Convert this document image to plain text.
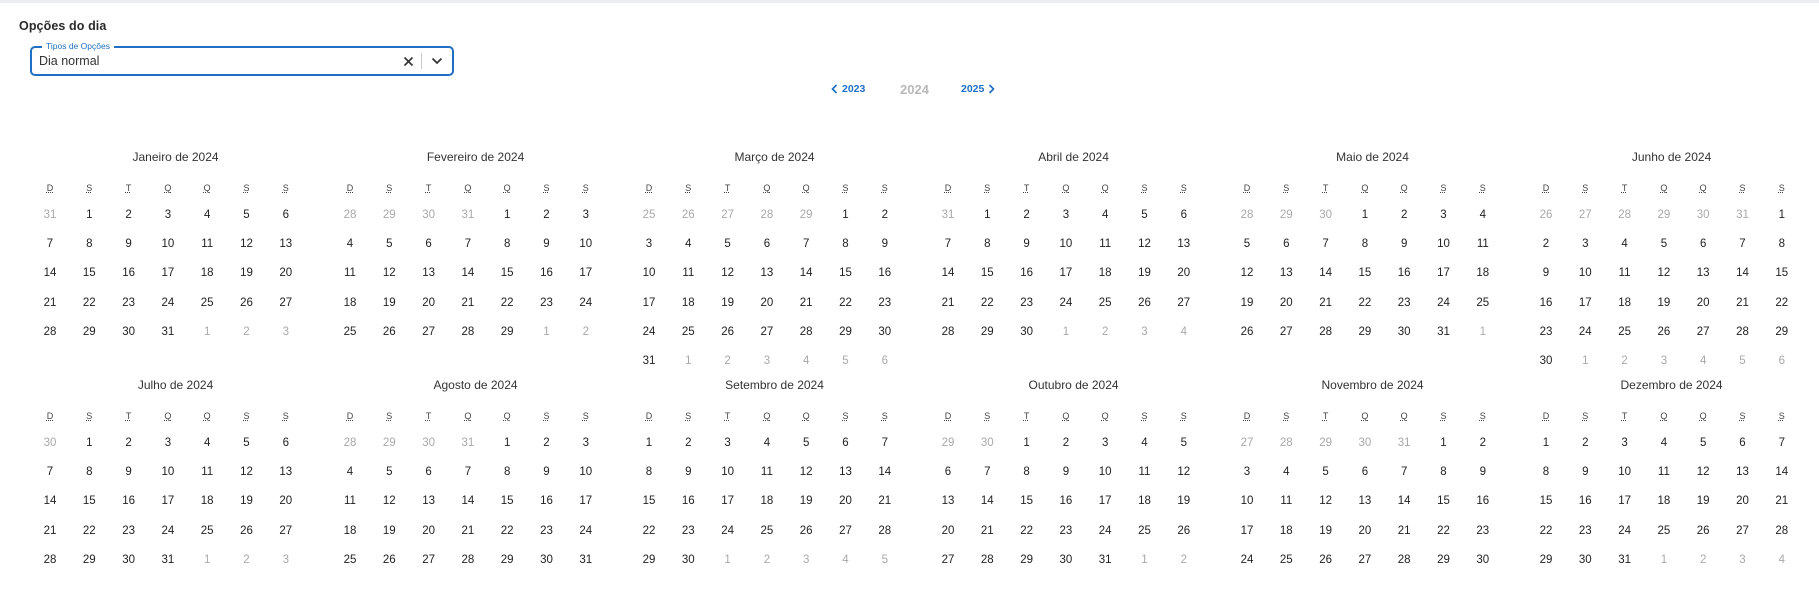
Opções do dia
Tipos de Opções
Dia normal
2023	2024	2025
Janeiro de 2024
D	S	T	Q	Q	S	S
31	1	2	3	4	5	6
7	8	9	10	11	12	13
14	15	16	17	18	19	20
21	22	23	24	25	26	27
28	29	30	31	1	2	3
Fevereiro de 2024
D	S	T	Q	Q	S	S
28	29	30	31	1	2	3
4	5	6	7	8	9	10
11	12	13	14	15	16	17
18	19	20	21	22	23	24
25	26	27	28	29	1	2
Março de 2024
D	S	T	Q	Q	S	S
25	26	27	28	29	1	2
3	4	5	6	7	8	9
10	11	12	13	14	15	16
17	18	19	20	21	22	23
24	25	26	27	28	29	30
31	1	2	3	4	5	6
Abril de 2024
D	S	T	Q	Q	S	S
31	1	2	3	4	5	6
7	8	9	10	11	12	13
14	15	16	17	18	19	20
21	22	23	24	25	26	27
28	29	30	1	2	3	4
Maio de 2024
D	S	T	Q	Q	S	S
28	29	30	1	2	3	4
5	6	7	8	9	10	11
12	13	14	15	16	17	18
19	20	21	22	23	24	25
26	27	28	29	30	31	1
Junho de 2024
D	S	T	Q	Q	S	S
26	27	28	29	30	31	1
2	3	4	5	6	7	8
9	10	11	12	13	14	15
16	17	18	19	20	21	22
23	24	25	26	27	28	29
30	1	2	3	4	5	6
Julho de 2024
D	S	T	Q	Q	S	S
30	1	2	3	4	5	6
7	8	9	10	11	12	13
14	15	16	17	18	19	20
21	22	23	24	25	26	27
28	29	30	31	1	2	3
Agosto de 2024
D	S	T	Q	Q	S	S
28	29	30	31	1	2	3
4	5	6	7	8	9	10
11	12	13	14	15	16	17
18	19	20	21	22	23	24
25	26	27	28	29	30	31
Setembro de 2024
D	S	T	Q	Q	S	S
1	2	3	4	5	6	7
8	9	10	11	12	13	14
15	16	17	18	19	20	21
22	23	24	25	26	27	28
29	30	1	2	3	4	5
Outubro de 2024
D	S	T	Q	Q	S	S
29	30	1	2	3	4	5
6	7	8	9	10	11	12
13	14	15	16	17	18	19
20	21	22	23	24	25	26
27	28	29	30	31	1	2
Novembro de 2024
D	S	T	Q	Q	S	S
27	28	29	30	31	1	2
3	4	5	6	7	8	9
10	11	12	13	14	15	16
17	18	19	20	21	22	23
24	25	26	27	28	29	30
Dezembro de 2024
D	S	T	Q	Q	S	S
1	2	3	4	5	6	7
8	9	10	11	12	13	14
15	16	17	18	19	20	21
22	23	24	25	26	27	28
29	30	31	1	2	3	4
